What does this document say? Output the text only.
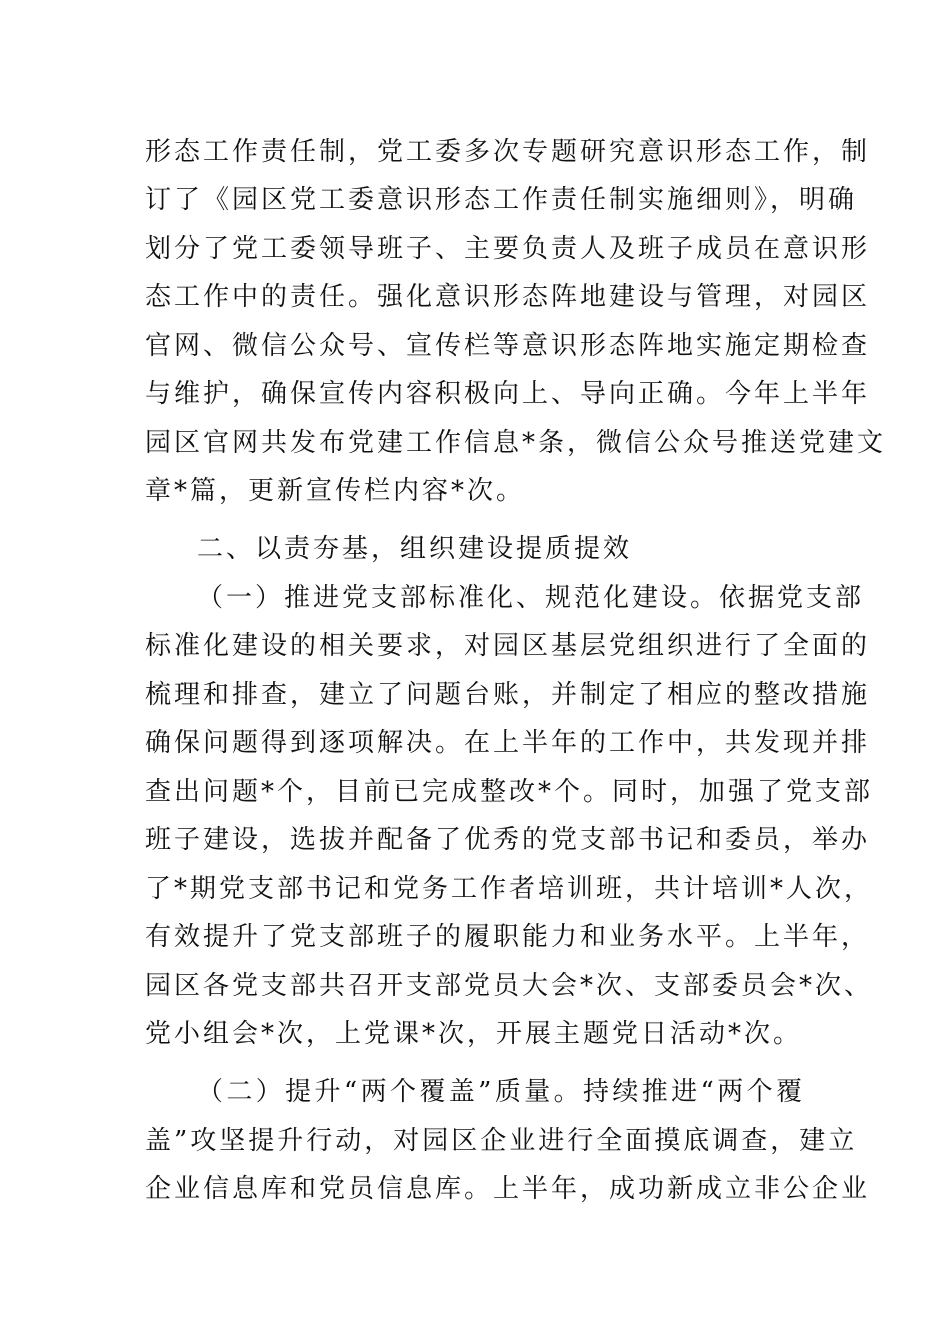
形态工作责任制，党工委多次专题研究意识形态工作，制
订了《园区党工委意识形态工作责任制实施细则》，明确
划分了党工委领导班子、主要负责人及班子成员在意识形
态工作中的责任。强化意识形态阵地建设与管理，对园区
官网、微信公众号、宣传栏等意识形态阵地实施定期检查
与维护，确保宣传内容积极向上、导向正确。今年上半年
园区官网共发布党建工作信息*条，微信公众号推送党建文
章*篇，更新宣传栏内容*次。
二、以责夯基，组织建设提质提效
（一）推进党支部标准化、规范化建设。依据党支部
标准化建设的相关要求，对园区基层党组织进行了全面的
梳理和排查，建立了问题台账，并制定了相应的整改措施
确保问题得到逐项解决。在上半年的工作中，共发现并排
查出问题*个，目前已完成整改*个。同时，加强了党支部
班子建设，选拔并配备了优秀的党支部书记和委员，举办
了*期党支部书记和党务工作者培训班，共计培训*人次，
有效提升了党支部班子的履职能力和业务水平。上半年，
园区各党支部共召开支部党员大会*次、支部委员会*次、
党小组会*次，上党课*次，开展主题党日活动*次。
（二）提升“两个覆盖”质量。持续推进“两个覆
盖”攻坚提升行动，对园区企业进行全面摸底调查，建立
企业信息库和党员信息库。上半年，成功新成立非公企业
